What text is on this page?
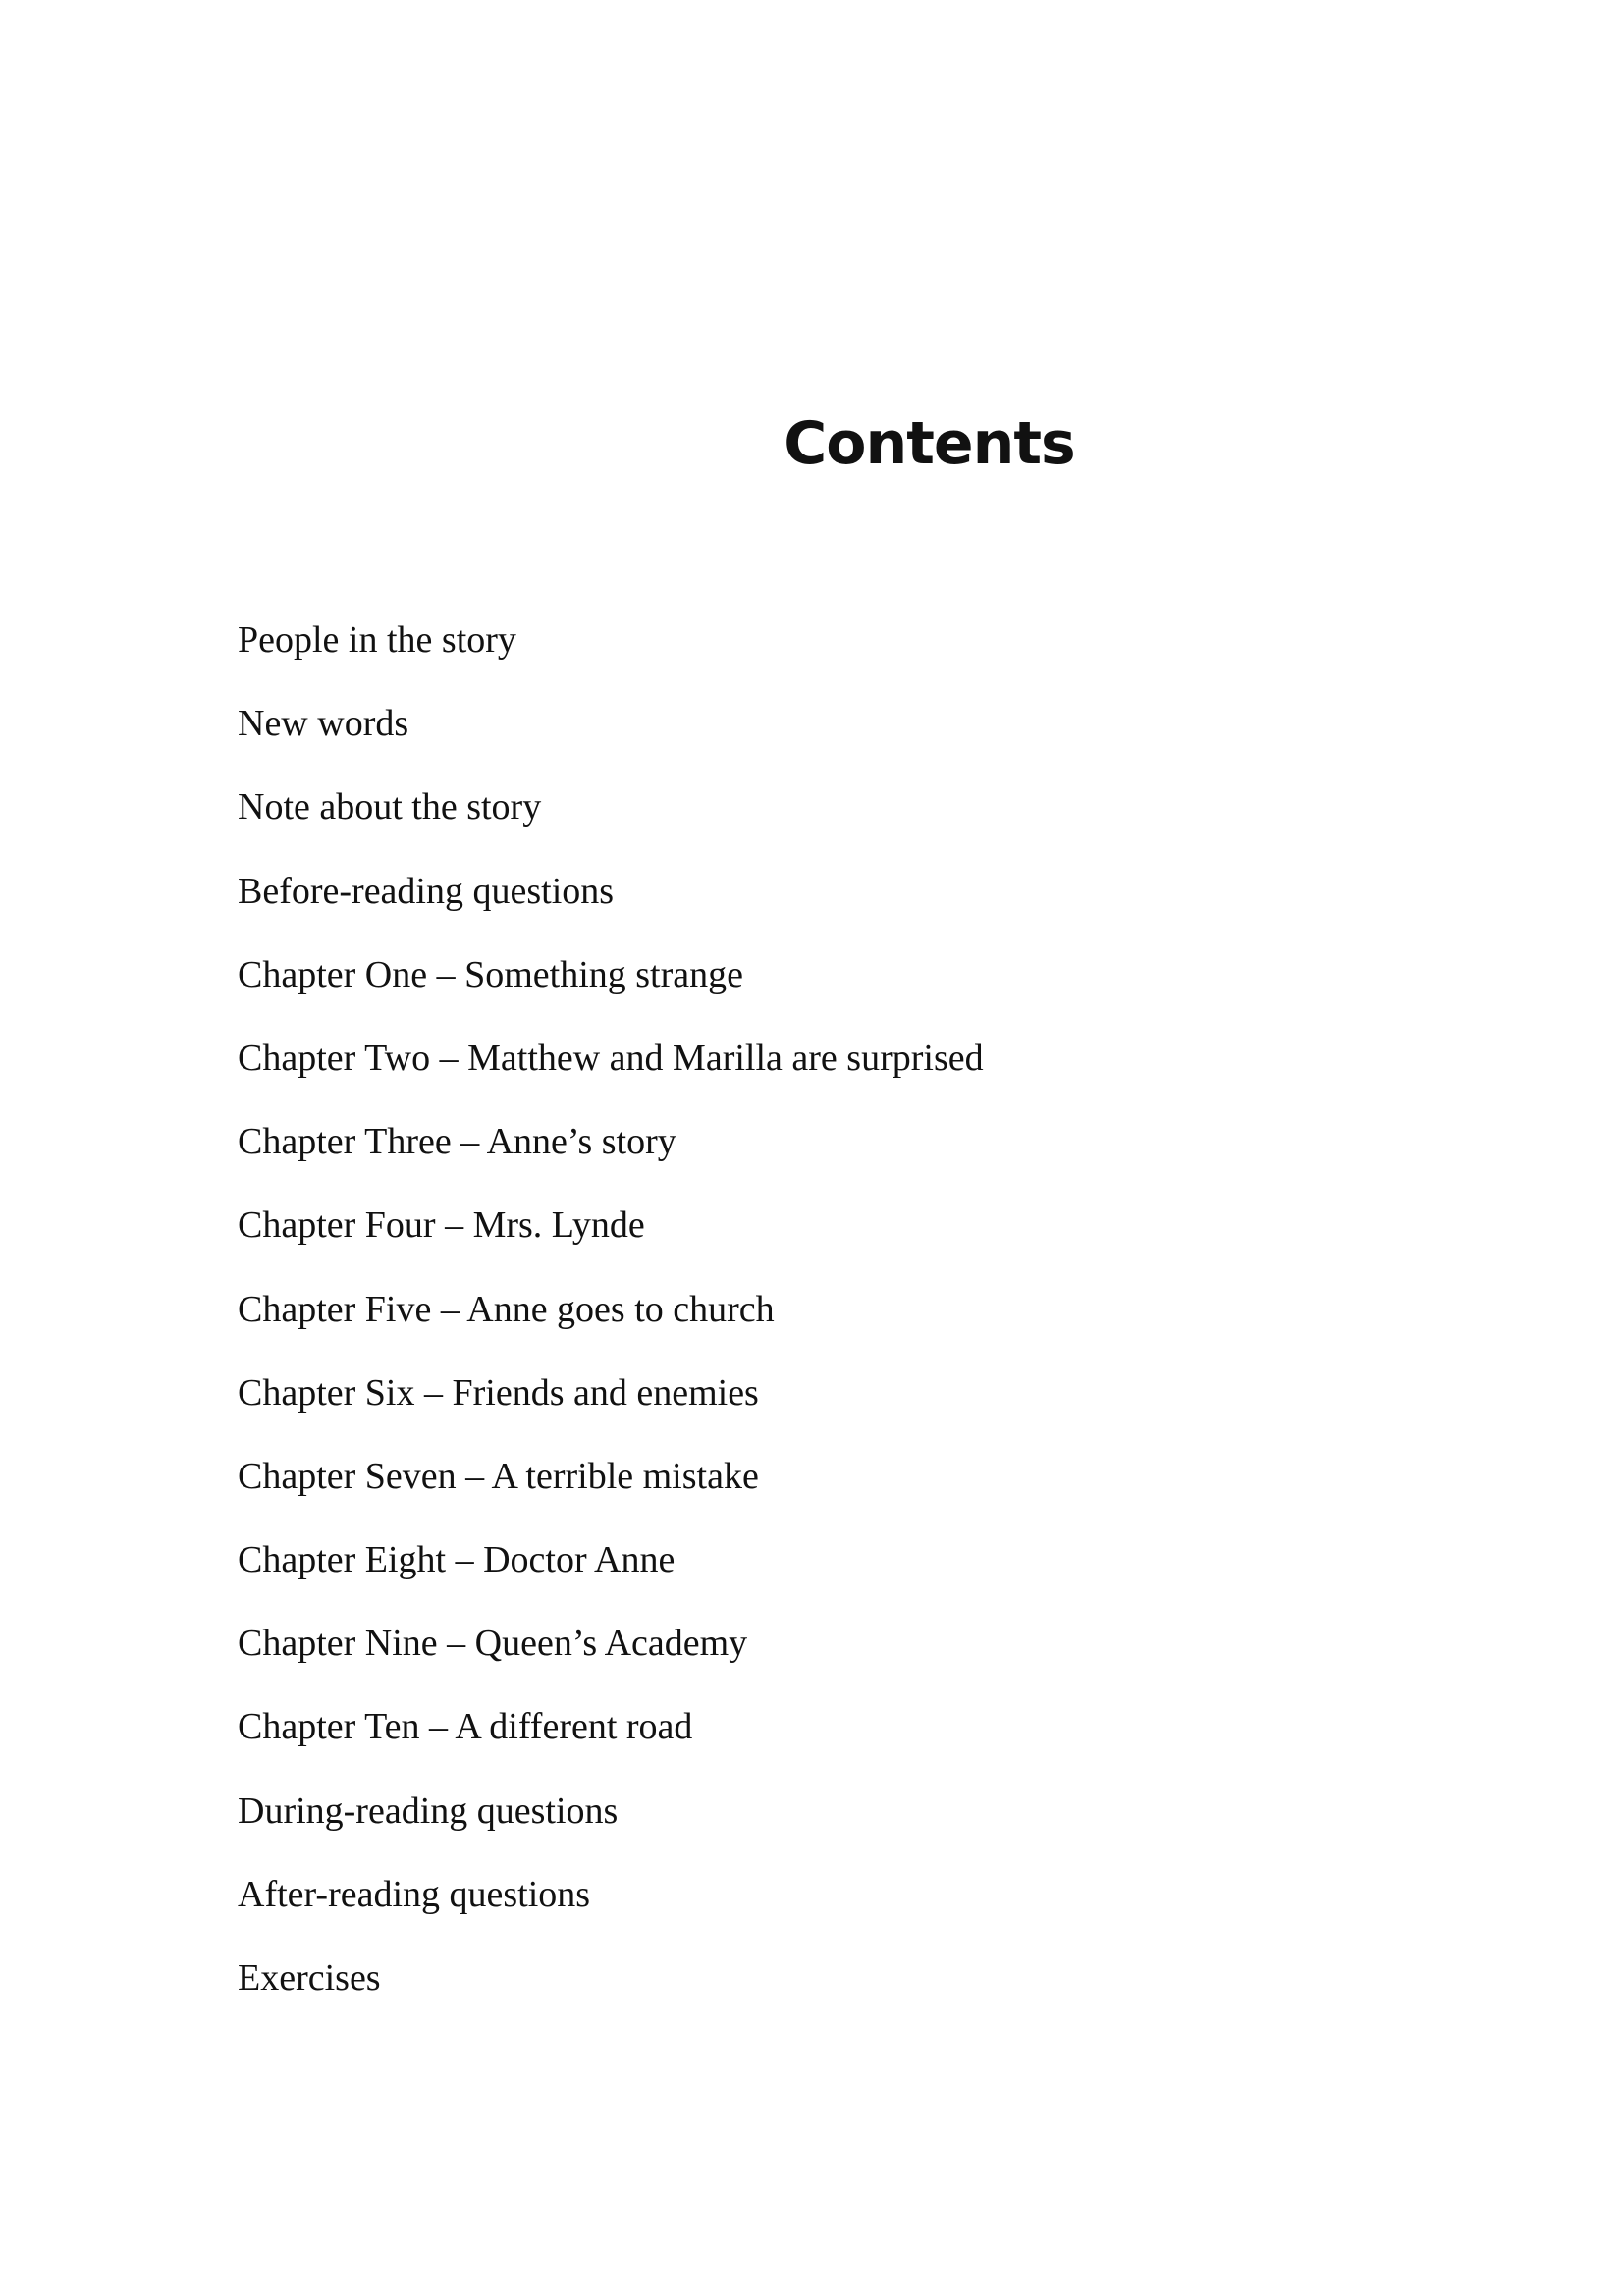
Contents
People in the story
New words
Note about the story
Before-reading questions
Chapter One – Something strange
Chapter Two – Matthew and Marilla are surprised
Chapter Three – Anne’s story
Chapter Four – Mrs. Lynde
Chapter Five – Anne goes to church
Chapter Six – Friends and enemies
Chapter Seven – A terrible mistake
Chapter Eight – Doctor Anne
Chapter Nine – Queen’s Academy
Chapter Ten – A different road
During-reading questions
After-reading questions
Exercises
